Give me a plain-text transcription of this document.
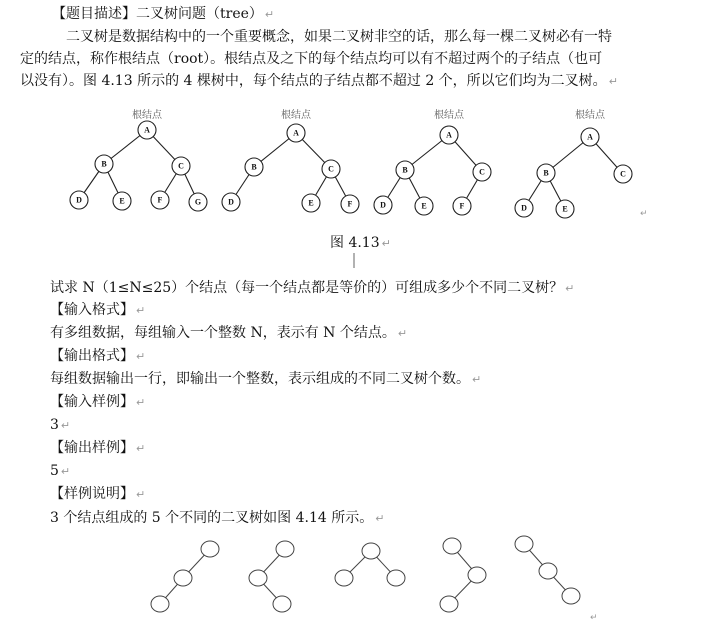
【题目描述】二叉树问题（tree） ↵
二叉树是数据结构中的一个重要概念，如果二叉树非空的话，那么每一棵二叉树必有一特
定的结点，称作根结点（root）。根结点及之下的每个结点均可以有不超过两个的子结点（也可
以没有）。图 4.13 所示的 4 棵树中，每个结点的子结点都不超过 2 个，所以它们均为二叉树。 ↵
根结点
A
B	C
D	E	F	G
根结点
A
B	C
D	E	F
根结点
A
B	C
D	E	F
根结点
A
B	C
D	E	↵
↵
图 4.13 ↵
试求 N（1≤N≤25）个结点（每一个结点都是等价的）可组成多少个不同二叉树？ ↵
【输入格式】 ↵
有多组数据，每组输入一个整数 N，表示有 N 个结点。 ↵
【输出格式】 ↵
每组数据输出一行，即输出一个整数，表示组成的不同二叉树个数。 ↵
【输入样例】 ↵
3 ↵
【输出样例】 ↵
5 ↵
【样例说明】 ↵
3 个结点组成的 5 个不同的二叉树如图 4.14 所示。 ↵
